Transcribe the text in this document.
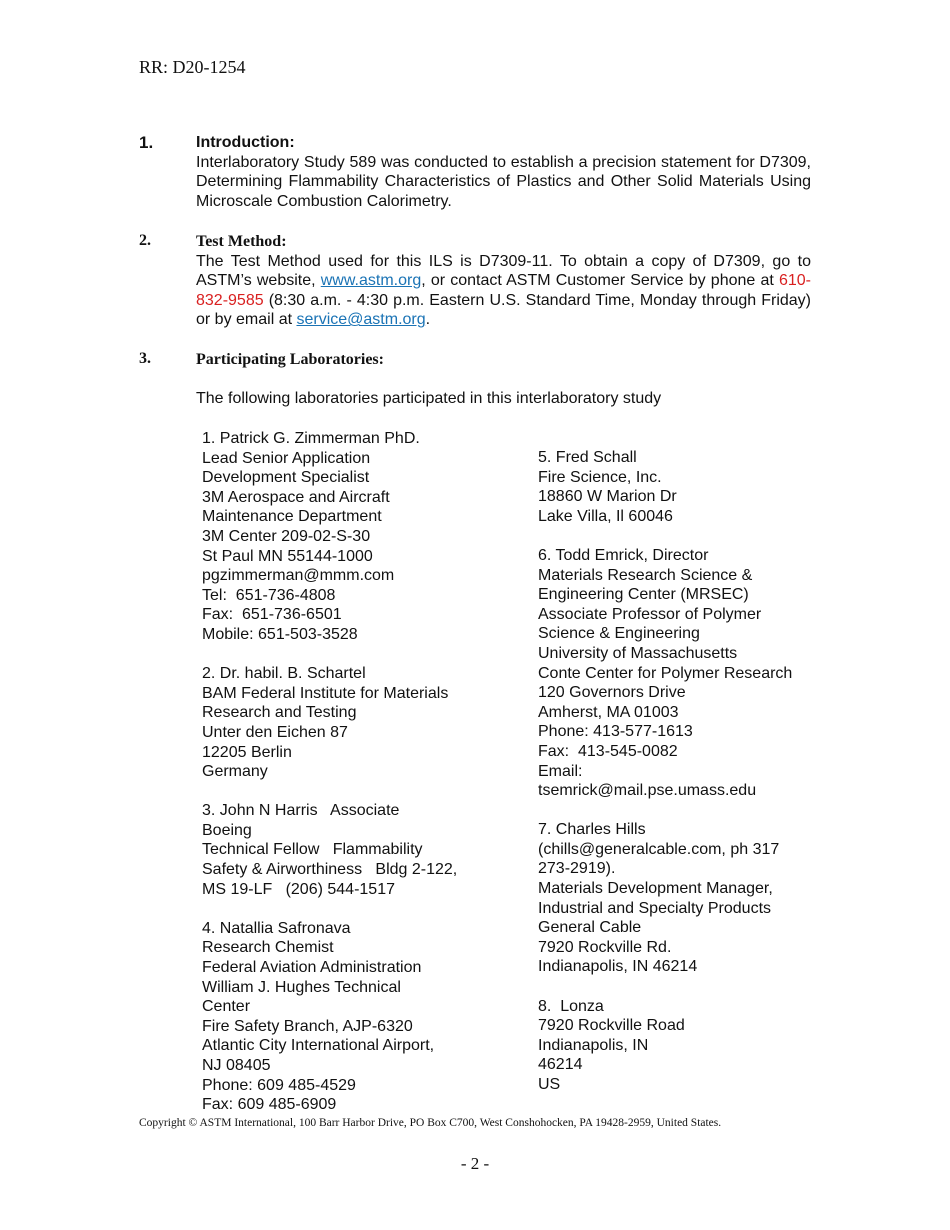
RR: D20-1254
1.	Introduction:
Interlaboratory Study 589 was conducted to establish a precision statement for D7309, Determining Flammability Characteristics of Plastics and Other Solid Materials Using Microscale Combustion Calorimetry.
2.	Test Method:
The Test Method used for this ILS is D7309-11. To obtain a copy of D7309, go to ASTM’s website, www.astm.org, or contact ASTM Customer Service by phone at 610-832-9585 (8:30 a.m. - 4:30 p.m. Eastern U.S. Standard Time, Monday through Friday) or by email at service@astm.org.
3.	Participating Laboratories:
The following laboratories participated in this interlaboratory study
1. Patrick G. Zimmerman PhD.
Lead Senior Application
Development Specialist
3M Aerospace and Aircraft
Maintenance Department
3M Center 209-02-S-30
St Paul MN 55144-1000
pgzimmerman@mmm.com
Tel:  651-736-4808
Fax:  651-736-6501
Mobile: 651-503-3528
2. Dr. habil. B. Schartel
BAM Federal Institute for Materials
Research and Testing
Unter den Eichen 87
12205 Berlin
Germany
3. John N Harris   Associate
Boeing
Technical Fellow   Flammability
Safety & Airworthiness   Bldg 2-122,
MS 19-LF   (206) 544-1517
4. Natallia Safronava
Research Chemist
Federal Aviation Administration
William J. Hughes Technical
Center
Fire Safety Branch, AJP-6320
Atlantic City International Airport,
NJ 08405
Phone: 609 485-4529
Fax: 609 485-6909
5. Fred Schall
Fire Science, Inc.
18860 W Marion Dr
Lake Villa, Il 60046
6. Todd Emrick, Director
Materials Research Science &
Engineering Center (MRSEC)
Associate Professor of Polymer
Science & Engineering
University of Massachusetts
Conte Center for Polymer Research
120 Governors Drive
Amherst, MA 01003
Phone: 413-577-1613
Fax:  413-545-0082
Email:
tsemrick@mail.pse.umass.edu
7. Charles Hills
(chills@generalcable.com, ph 317
273-2919).
Materials Development Manager,
Industrial and Specialty Products
General Cable
7920 Rockville Rd.
Indianapolis, IN 46214
8.  Lonza
7920 Rockville Road
Indianapolis, IN
46214
US
Copyright © ASTM International, 100 Barr Harbor Drive, PO Box C700, West Conshohocken, PA 19428-2959, United States.
- 2 -
